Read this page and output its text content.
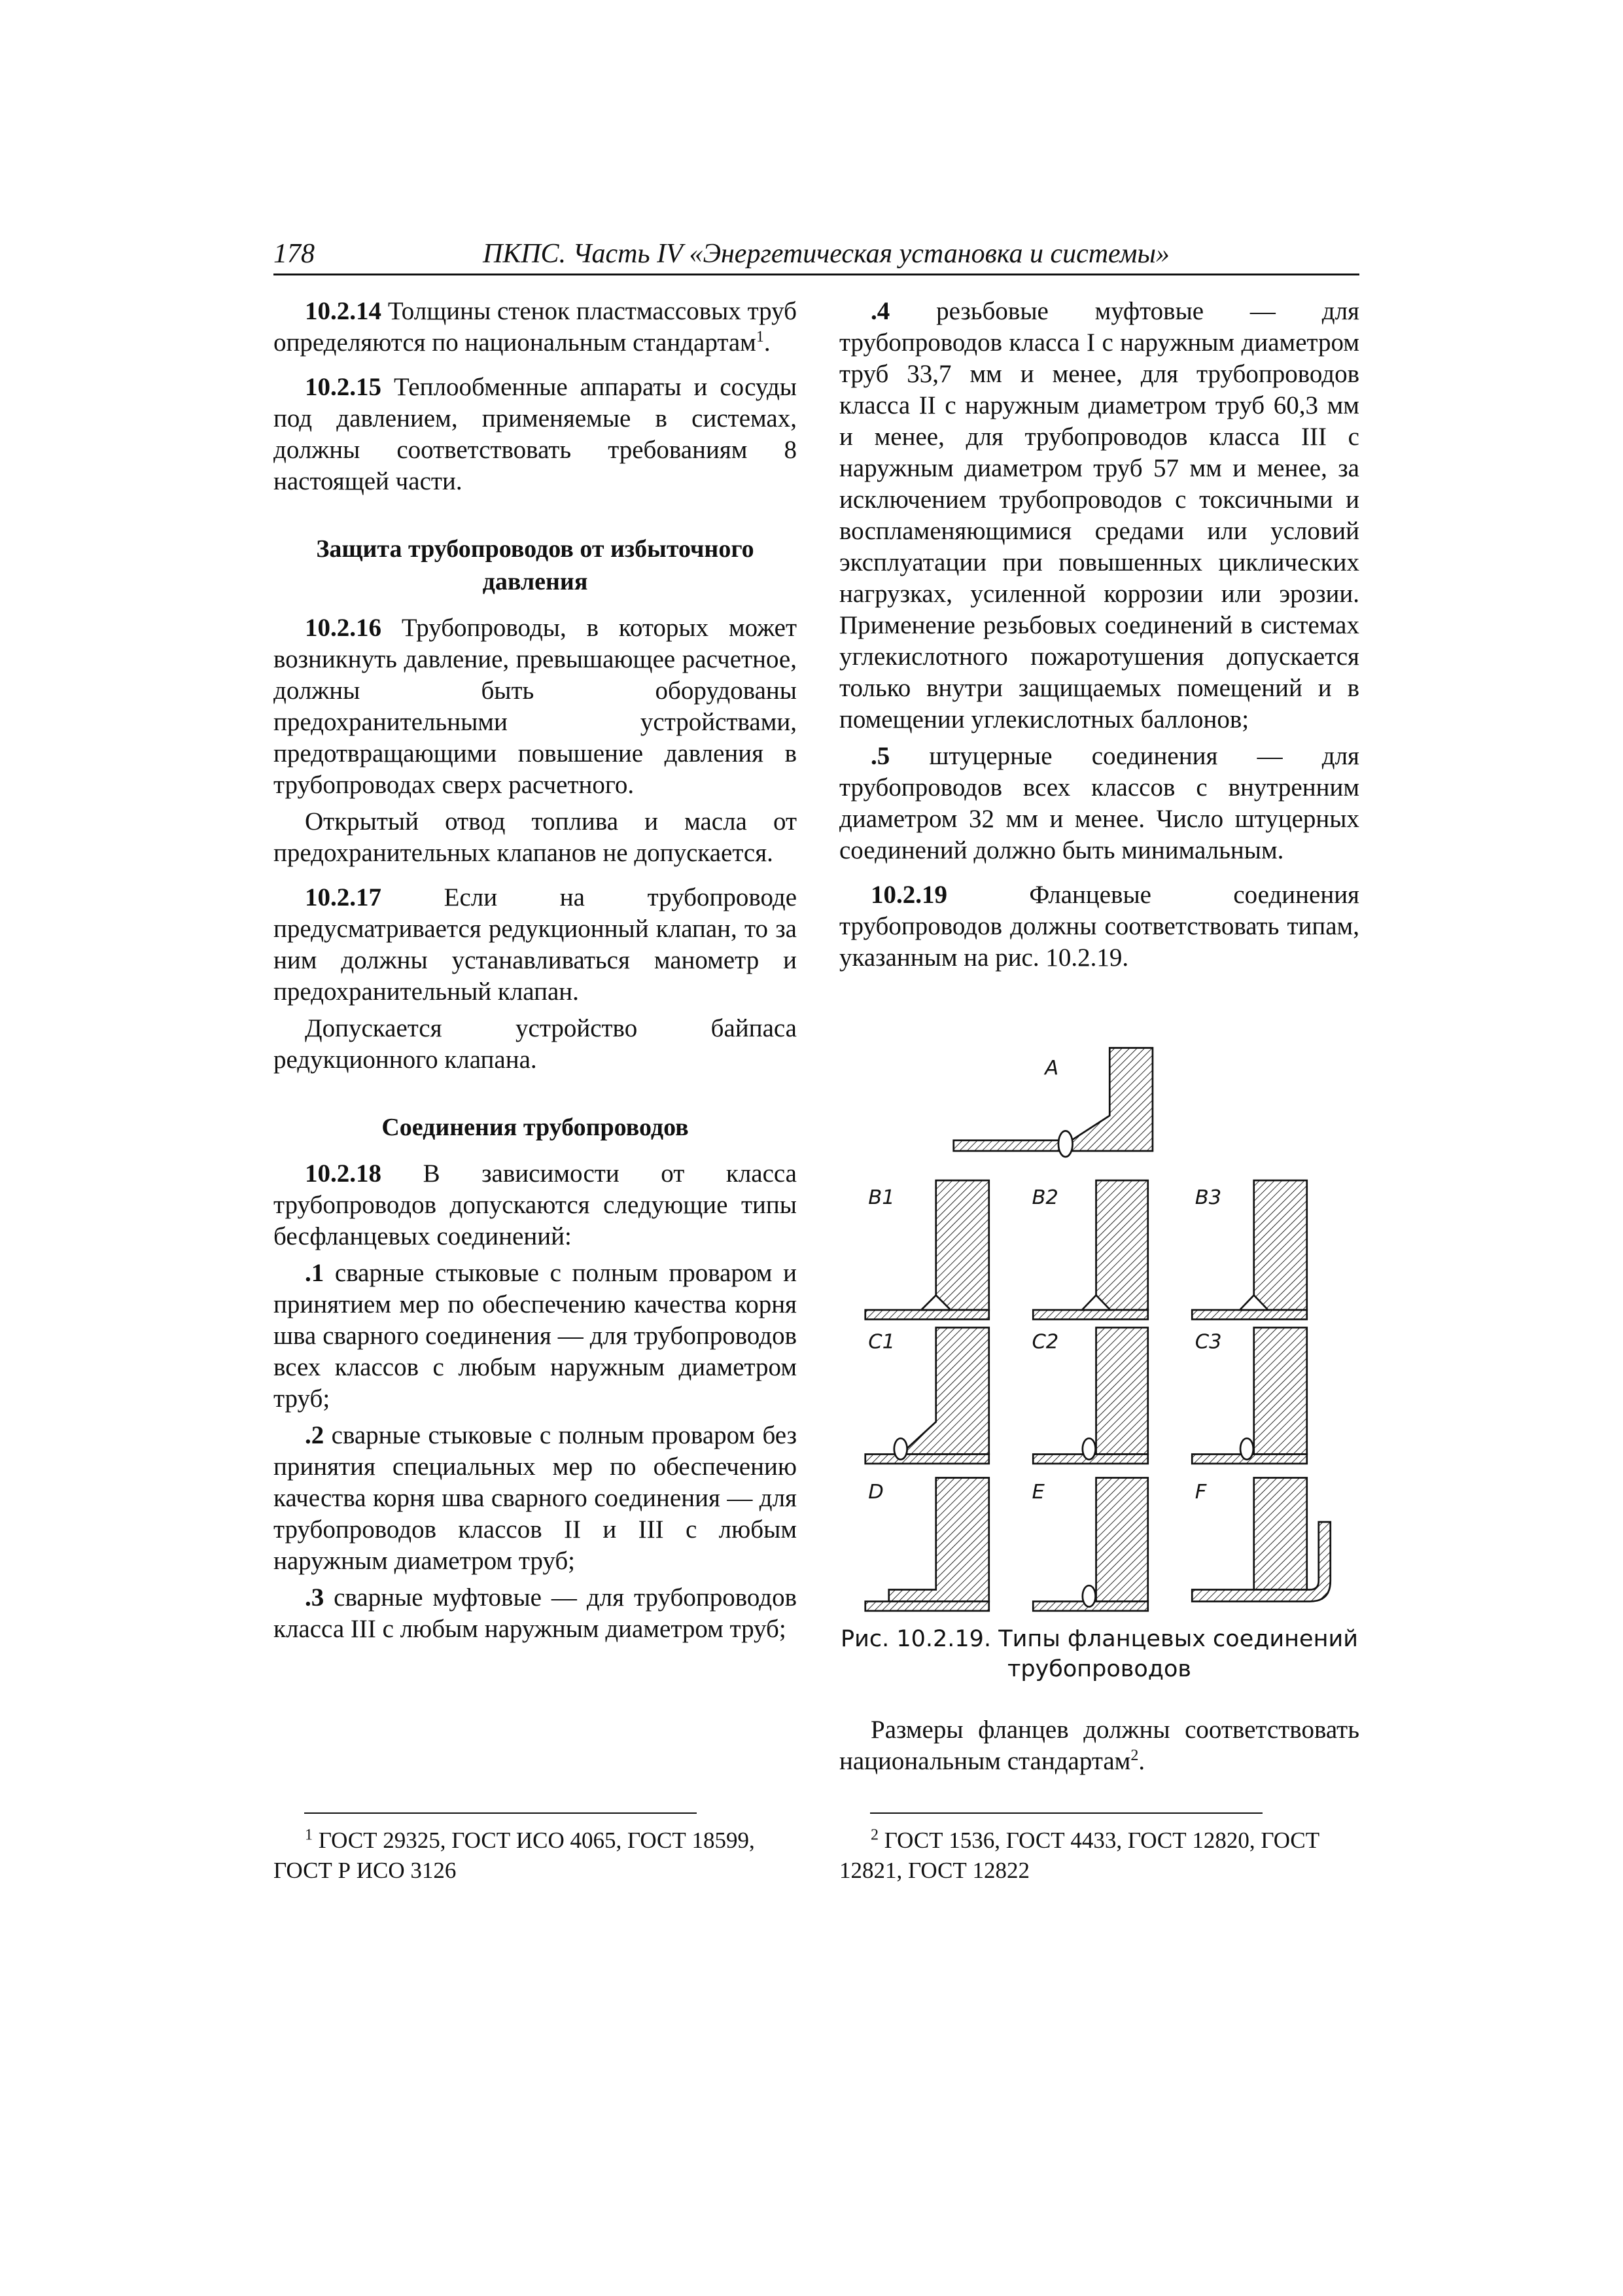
178	ПКПС. Часть IV «Энергетическая установка и системы»

10.2.14 Толщины стенок пластмассовых труб определяются по национальным стандартам$^1$.

10.2.15 Теплообменные аппараты и сосуды под давлением, применяемые в системах, должны соответствовать требованиям 8 настоящей части.

Защита трубопроводов от избыточного давления

10.2.16 Трубопроводы, в которых может возникнуть давление, превышающее расчетное, должны быть оборудованы предохранительными устройствами, предотвращающими повышение давления в трубопроводах сверх расчетного.

Открытый отвод топлива и масла от предохранительных клапанов не допускается.

10.2.17 Если на трубопроводе предусматривается редукционный клапан, то за ним должны устанавливаться манометр и предохранительный клапан.

Допускается устройство байпаса редукционного клапана.

Соединения трубопроводов

10.2.18 В зависимости от класса трубопроводов допускаются следующие типы бесфланцевых соединений:

.1 сварные стыковые с полным проваром и принятием мер по обеспечению качества корня шва сварного соединения — для трубопроводов всех классов с любым наружным диаметром труб;

.2 сварные стыковые с полным проваром без принятия специальных мер по обеспечению качества корня шва сварного соединения — для трубопроводов классов II и III с любым наружным диаметром труб;

.3 сварные муфтовые — для трубопроводов класса III с любым наружным диаметром труб;

.4 резьбовые муфтовые — для трубопроводов класса I с наружным диаметром труб 33,7 мм и менее, для трубопроводов класса II с наружным диаметром труб 60,3 мм и менее, для трубопроводов класса III с наружным диаметром труб 57 мм и менее, за исключением трубопроводов с токсичными и воспламеняющимися средами или условий эксплуатации при повышенных циклических нагрузках, усиленной коррозии или эрозии. Применение резьбовых соединений в системах углекислотного пожаротушения допускается только внутри защищаемых помещений и в помещении углекислотных баллонов;

.5 штуцерные соединения — для трубопроводов всех классов с внутренним диаметром 32 мм и менее. Число штуцерных соединений должно быть минимальным.

10.2.19 Фланцевые соединения трубопроводов должны соответствовать типам, указанным на рис. 10.2.19.

A
B1	B2	B3
C1	C2	C3
D	E	F
Рис. 10.2.19. Типы фланцевых соединений трубопроводов

Размеры фланцев должны соответствовать национальным стандартам$^2$.

$^1$ ГОСТ 29325, ГОСТ ИСО 4065, ГОСТ 18599, ГОСТ Р ИСО 3126
$^2$ ГОСТ 1536, ГОСТ 4433, ГОСТ 12820, ГОСТ 12821, ГОСТ 12822
